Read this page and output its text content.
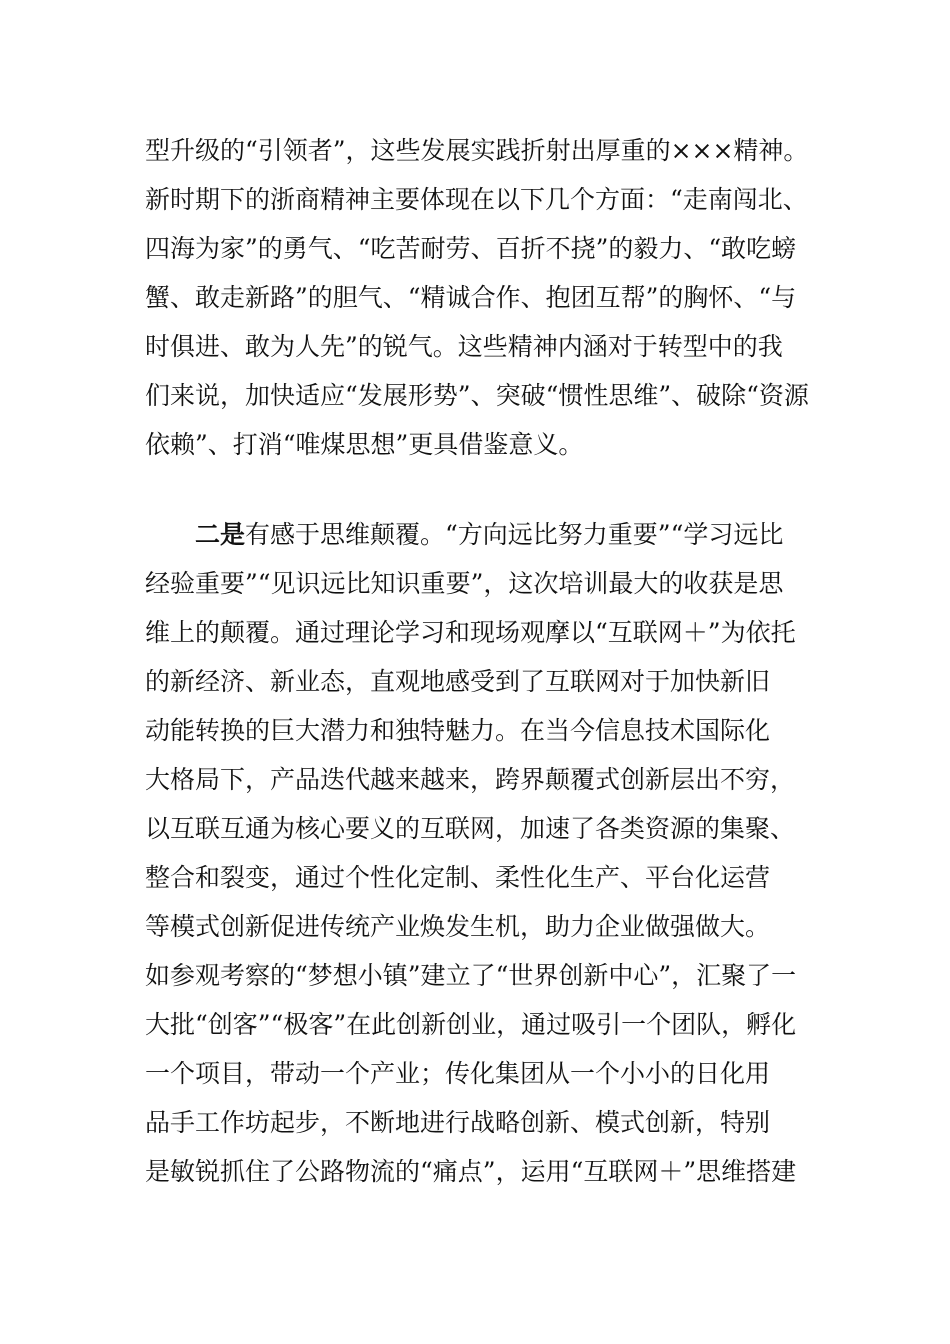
型升级的“引领者”，这些发展实践折射出厚重的×××精神。
新时期下的浙商精神主要体现在以下几个方面：“走南闯北、
四海为家”的勇气、“吃苦耐劳、百折不挠”的毅力、“敢吃螃
蟹、敢走新路”的胆气、“精诚合作、抱团互帮”的胸怀、“与
时俱进、敢为人先”的锐气。这些精神内涵对于转型中的我
们来说，加快适应“发展形势”、突破“惯性思维”、破除“资源
依赖”、打消“唯煤思想”更具借鉴意义。
二是有感于思维颠覆。“方向远比努力重要”“学习远比
经验重要”“见识远比知识重要”，这次培训最大的收获是思
维上的颠覆。通过理论学习和现场观摩以“互联网＋”为依托
的新经济、新业态，直观地感受到了互联网对于加快新旧
动能转换的巨大潜力和独特魅力。在当今信息技术国际化
大格局下，产品迭代越来越来，跨界颠覆式创新层出不穷，
以互联互通为核心要义的互联网，加速了各类资源的集聚、
整合和裂变，通过个性化定制、柔性化生产、平台化运营
等模式创新促进传统产业焕发生机，助力企业做强做大。
如参观考察的“梦想小镇”建立了“世界创新中心”，汇聚了一
大批“创客”“极客”在此创新创业，通过吸引一个团队，孵化
一个项目，带动一个产业；传化集团从一个小小的日化用
品手工作坊起步，不断地进行战略创新、模式创新，特别
是敏锐抓住了公路物流的“痛点”，运用“互联网＋”思维搭建
